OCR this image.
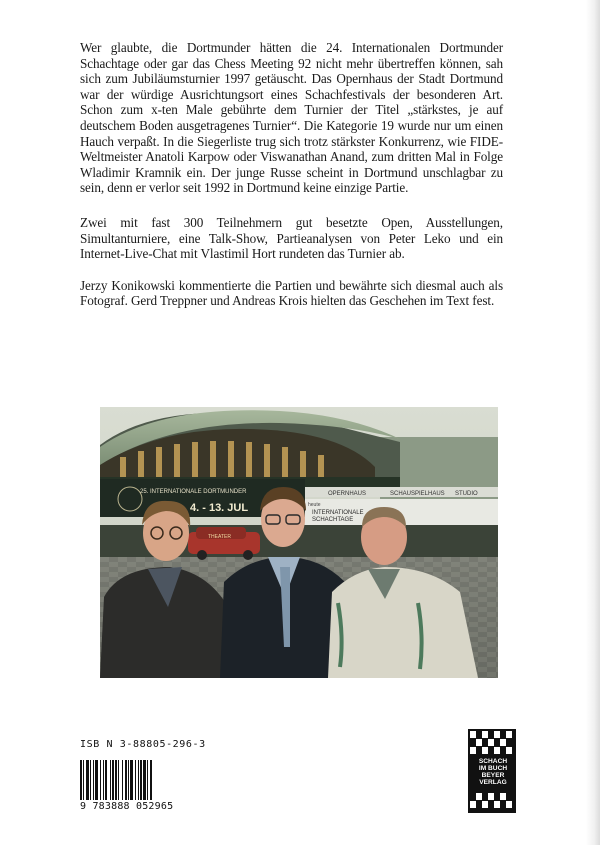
Wer glaubte, die Dortmunder hätten die 24. Internationalen Dortmunder Schachtage oder gar das Chess Meeting 92 nicht mehr übertreffen können, sah sich zum Jubiläumsturnier 1997 getäuscht. Das Opernhaus der Stadt Dortmund war der würdige Ausrichtungsort eines Schachfestivals der besonderen Art. Schon zum x-ten Male gebührte dem Turnier der Titel „stärkstes, je auf deutschem Boden ausgetragenes Turnier“. Die Kategorie 19 wurde nur um einen Hauch verpaßt. In die Siegerliste trug sich trotz stärkster Konkurrenz, wie FIDE-Weltmeister Anatoli Karpow oder Viswanathan Anand, zum dritten Mal in Folge Wladimir Kramnik ein. Der junge Russe scheint in Dortmund unschlagbar zu sein, denn er verlor seit 1992 in Dortmund keine einzige Partie.

Zwei mit fast 300 Teilnehmern gut besetzte Open, Ausstellungen, Simultanturniere, eine Talk-Show, Partieanalysen von Peter Leko und ein Internet-Live-Chat mit Vlastimil Hort rundeten das Turnier ab.

Jerzy Konikowski kommentierte die Partien und bewährte sich diesmal auch als Fotograf. Gerd Treppner und Andreas Krois hielten das Geschehen im Text fest.

25. INTERNATIONALE DORTMUNDER
4. - 13. JUL
OPERNHAUS	SCHAUSPIELHAUS STUDIO
heute
INTERNATIONALE
SCHACHTAGE
THEATER
ISB N 3-88805-296-3
9 783888 052965
SCHACH
IM BUCH
BEYER
VERLAG
